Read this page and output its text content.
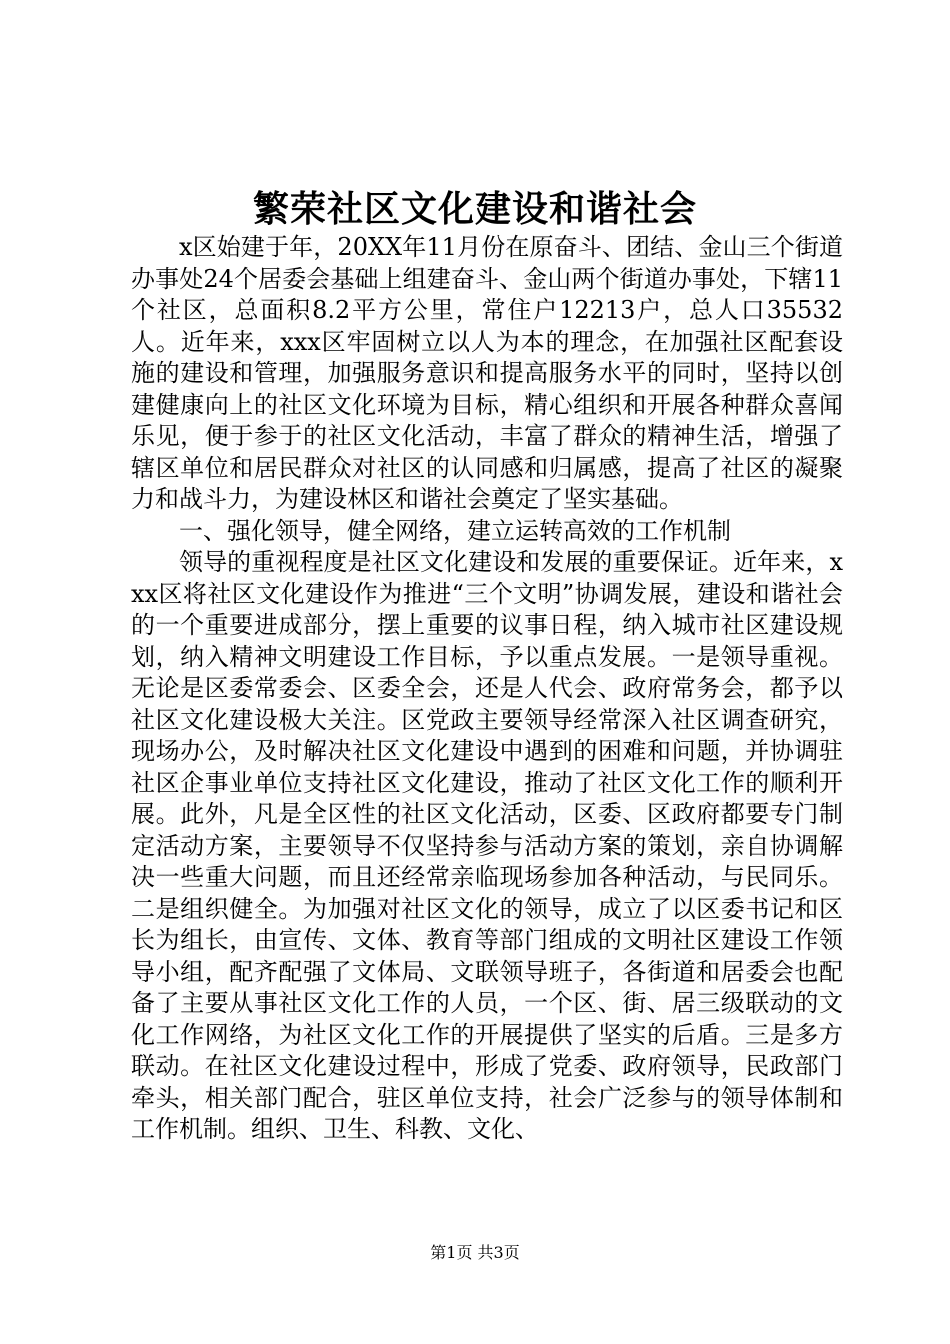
繁荣社区文化建设和谐社会

x区始建于年，20XX年11月份在原奋斗、团结、金山三个街道办事处24个居委会基础上组建奋斗、金山两个街道办事处，下辖11个社区，总面积8.2平方公里，常住户12213户，总人口35532人。近年来，xxx区牢固树立以人为本的理念，在加强社区配套设施的建设和管理，加强服务意识和提高服务水平的同时，坚持以创建健康向上的社区文化环境为目标，精心组织和开展各种群众喜闻乐见，便于参于的社区文化活动，丰富了群众的精神生活，增强了辖区单位和居民群众对社区的认同感和归属感，提高了社区的凝聚力和战斗力，为建设林区和谐社会奠定了坚实基础。

一、强化领导，健全网络，建立运转高效的工作机制

领导的重视程度是社区文化建设和发展的重要保证。近年来，xxx区将社区文化建设作为推进“三个文明”协调发展，建设和谐社会的一个重要进成部分，摆上重要的议事日程，纳入城市社区建设规划，纳入精神文明建设工作目标，予以重点发展。一是领导重视。无论是区委常委会、区委全会，还是人代会、政府常务会，都予以社区文化建设极大关注。区党政主要领导经常深入社区调查研究，现场办公，及时解决社区文化建设中遇到的困难和问题，并协调驻社区企事业单位支持社区文化建设，推动了社区文化工作的顺利开展。此外，凡是全区性的社区文化活动，区委、区政府都要专门制定活动方案，主要领导不仅坚持参与活动方案的策划，亲自协调解决一些重大问题，而且还经常亲临现场参加各种活动，与民同乐。二是组织健全。为加强对社区文化的领导，成立了以区委书记和区长为组长，由宣传、文体、教育等部门组成的文明社区建设工作领导小组，配齐配强了文体局、文联领导班子，各街道和居委会也配备了主要从事社区文化工作的人员，一个区、街、居三级联动的文化工作网络，为社区文化工作的开展提供了坚实的后盾。三是多方联动。在社区文化建设过程中，形成了党委、政府领导，民政部门牵头，相关部门配合，驻区单位支持，社会广泛参与的领导体制和工作机制。组织、卫生、科教、文化、

第1页 共3页
